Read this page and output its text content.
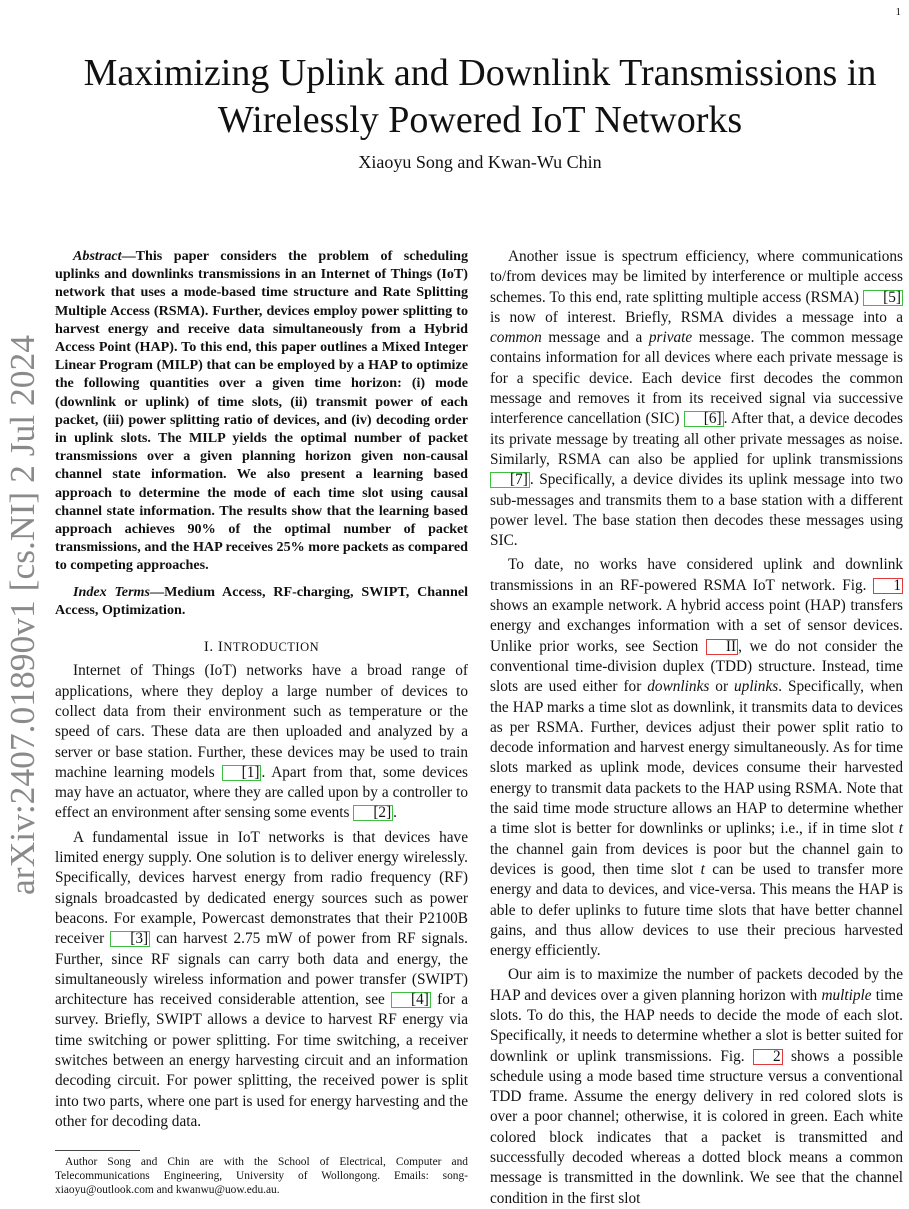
1
arXiv:2407.01890v1 [cs.NI] 2 Jul 2024
Maximizing Uplink and Downlink Transmissions in
Wirelessly Powered IoT Networks
Xiaoyu Song and Kwan-Wu Chin

Abstract—This paper considers the problem of scheduling uplinks and downlinks transmissions in an Internet of Things (IoT) network that uses a mode-based time structure and Rate Splitting Multiple Access (RSMA). Further, devices employ power splitting to harvest energy and receive data simultaneously from a Hybrid Access Point (HAP). To this end, this paper outlines a Mixed Integer Linear Program (MILP) that can be employed by a HAP to optimize the following quantities over a given time horizon: (i) mode (downlink or uplink) of time slots, (ii) transmit power of each packet, (iii) power splitting ratio of devices, and (iv) decoding order in uplink slots. The MILP yields the optimal number of packet transmissions over a given planning horizon given non-causal channel state information. We also present a learning based approach to determine the mode of each time slot using causal channel state information. The results show that the learning based approach achieves 90% of the optimal number of packet transmissions, and the HAP receives 25% more packets as compared to competing approaches.

Index Terms—Medium Access, RF-charging, SWIPT, Channel Access, Optimization.

I. INTRODUCTION

Internet of Things (IoT) networks have a broad range of applications, where they deploy a large number of devices to collect data from their environment such as temperature or the speed of cars. These data are then uploaded and analyzed by a server or base station. Further, these devices may be used to train machine learning models [1] . Apart from that, some devices may have an actuator, where they are called upon by a controller to effect an environment after sensing some events [2] .

A fundamental issue in IoT networks is that devices have limited energy supply. One solution is to deliver energy wirelessly. Specifically, devices harvest energy from radio frequency (RF) signals broadcasted by dedicated energy sources such as power beacons. For example, Powercast demonstrates that their P2100B receiver [3] can harvest 2.75 mW of power from RF signals. Further, since RF signals can carry both data and energy, the simultaneously wireless information and power transfer (SWIPT) architecture has received considerable attention, see [4] for a survey. Briefly, SWIPT allows a device to harvest RF energy via time switching or power splitting. For time switching, a receiver switches between an energy harvesting circuit and an information decoding circuit. For power splitting, the received power is split into two parts, where one part is used for energy harvesting and the other for decoding data.

Author Song and Chin are with the School of Electrical, Computer and Telecommunications Engineering, University of Wollongong. Emails: song-xiaoyu@outlook.com and kwanwu@uow.edu.au.

Another issue is spectrum efficiency, where communications to/from devices may be limited by interference or multiple access schemes. To this end, rate splitting multiple access (RSMA) [5] is now of interest. Briefly, RSMA divides a message into a common message and a private message. The common message contains information for all devices where each private message is for a specific device. Each device first decodes the common message and removes it from its received signal via successive interference cancellation (SIC) [6] . After that, a device decodes its private message by treating all other private messages as noise. Similarly, RSMA can also be applied for uplink transmissions [7] . Specifically, a device divides its uplink message into two sub-messages and transmits them to a base station with a different power level. The base station then decodes these messages using SIC.

To date, no works have considered uplink and downlink transmissions in an RF-powered RSMA IoT network. Fig. 1 shows an example network. A hybrid access point (HAP) transfers energy and exchanges information with a set of sensor devices. Unlike prior works, see Section II , we do not consider the conventional time-division duplex (TDD) structure. Instead, time slots are used either for downlinks or uplinks. Specifically, when the HAP marks a time slot as downlink, it transmits data to devices as per RSMA. Further, devices adjust their power split ratio to decode information and harvest energy simultaneously. As for time slots marked as uplink mode, devices consume their harvested energy to transmit data packets to the HAP using RSMA. Note that the said time mode structure allows an HAP to determine whether a time slot is better for downlinks or uplinks; i.e., if in time slot t the channel gain from devices is poor but the channel gain to devices is good, then time slot t can be used to transfer more energy and data to devices, and vice-versa. This means the HAP is able to defer uplinks to future time slots that have better channel gains, and thus allow devices to use their precious harvested energy efficiently.

Our aim is to maximize the number of packets decoded by the HAP and devices over a given planning horizon with multiple time slots. To do this, the HAP needs to decide the mode of each slot. Specifically, it needs to determine whether a slot is better suited for downlink or uplink transmissions. Fig. 2 shows a possible schedule using a mode based time structure versus a conventional TDD frame. Assume the energy delivery in red colored slots is over a poor channel; otherwise, it is colored in green. Each white colored block indicates that a packet is transmitted and successfully decoded whereas a dotted block means a common message is transmitted in the downlink. We see that the channel condition in the first slot
